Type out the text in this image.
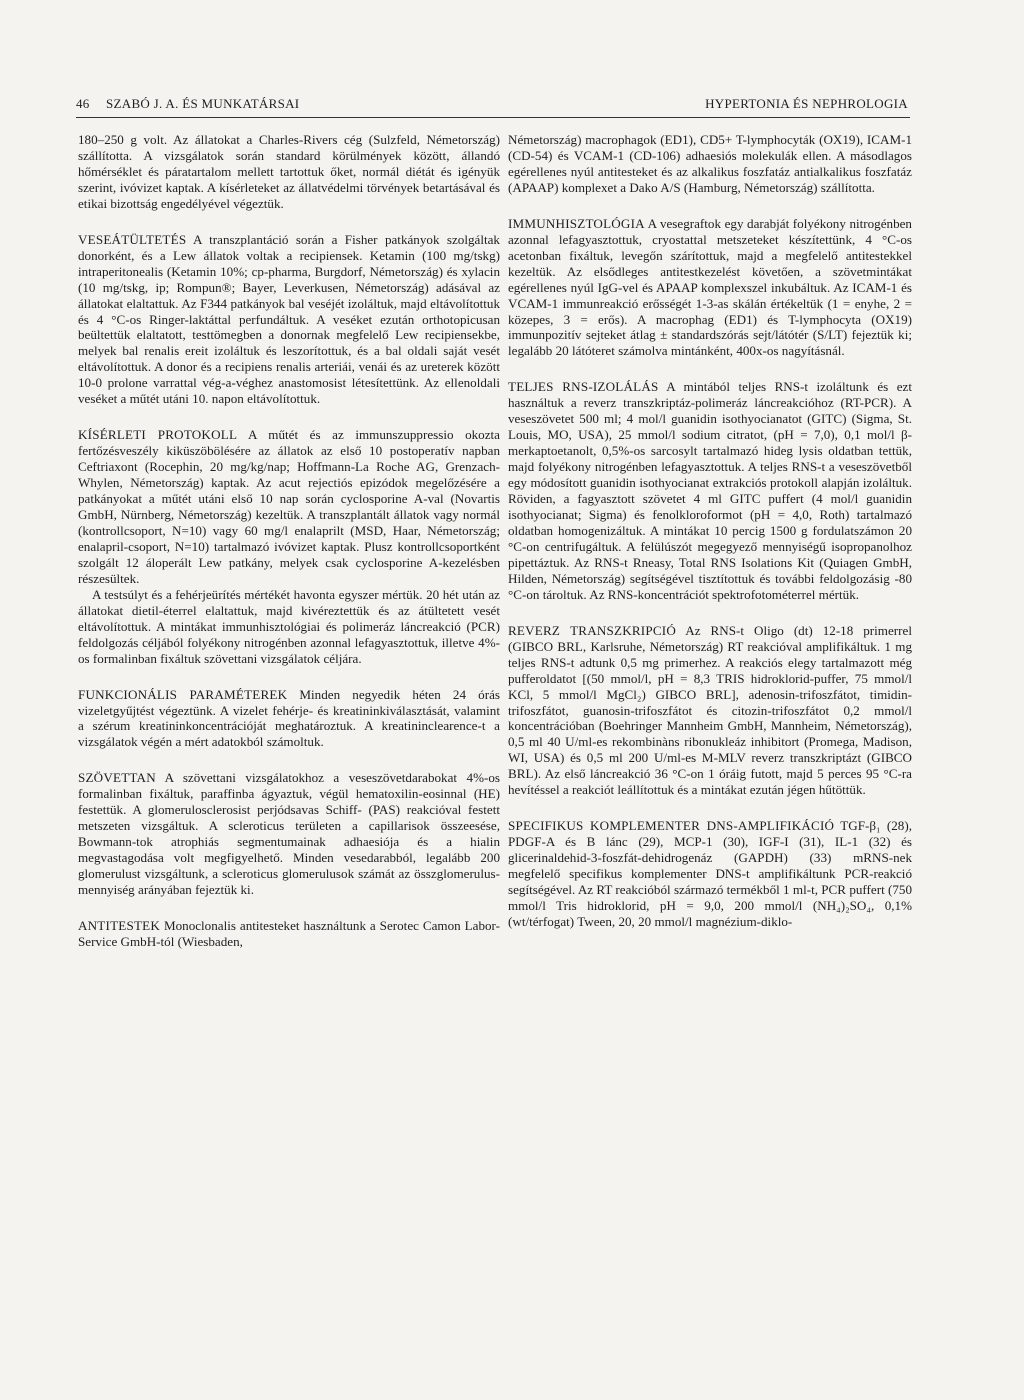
46 SZABÓ J. A. ÉS MUNKATÁRSAI	HYPERTONIA ÉS NEPHROLOGIA

180–250 g volt. Az állatokat a Charles-Rivers cég (Sulzfeld, Németország) szállította. A vizsgálatok során standard körülmények között, állandó hőmérséklet és páratartalom mellett tartottuk őket, normál diétát és igényük szerint, ivóvizet kaptak. A kísérleteket az állatvédelmi törvények betartásával és etikai bizottság engedélyével végeztük.

VESEÁTÜLTETÉS A transzplantáció során a Fisher patkányok szolgáltak donorként, és a Lew állatok voltak a recipiensek. Ketamin (100 mg/tskg) intraperitonealis (Ketamin 10%; cp-pharma, Burgdorf, Németország) és xylacin (10 mg/tskg, ip; Rompun®; Bayer, Leverkusen, Németország) adásával az állatokat elaltattuk. Az F344 patkányok bal veséjét izoláltuk, majd eltávolítottuk és 4 °C-os Ringer-laktáttal perfundáltuk. A veséket ezután orthotopicusan beültettük elaltatott, testtömegben a donornak megfelelő Lew recipiensekbe, melyek bal renalis ereit izoláltuk és leszorítottuk, és a bal oldali saját vesét eltávolítottuk. A donor és a recipiens renalis arteriái, venái és az ureterek között 10-0 prolone varrattal vég-a-véghez anastomosist létesítettünk. Az ellenoldali veséket a műtét utáni 10. napon eltávolítottuk.

KÍSÉRLETI PROTOKOLL A műtét és az immunszuppressio okozta fertőzésveszély kiküszöbölésére az állatok az első 10 postoperatív napban Ceftriaxont (Rocephin, 20 mg/kg/nap; Hoffmann-La Roche AG, Grenzach-Whylen, Németország) kaptak. Az acut rejectiós epizódok megelőzésére a patkányokat a műtét utáni első 10 nap során cyclosporine A-val (Novartis GmbH, Nürnberg, Németország) kezeltük. A transzplantált állatok vagy normál (kontrollcsoport, N=10) vagy 60 mg/l enalaprilt (MSD, Haar, Németország; enalapril-csoport, N=10) tartalmazó ivóvizet kaptak. Plusz kontrollcsoportként szolgált 12 áloperált Lew patkány, melyek csak cyclosporine A-kezelésben részesültek.

A testsúlyt és a fehérjeürítés mértékét havonta egyszer mértük. 20 hét után az állatokat dietil-éterrel elaltattuk, majd kivéreztettük és az átültetett vesét eltávolítottuk. A mintákat immunhisztológiai és polimeráz láncreakció (PCR) feldolgozás céljából folyékony nitrogénben azonnal lefagyasztottuk, illetve 4%-os formalinban fixáltuk szövettani vizsgálatok céljára.

FUNKCIONÁLIS PARAMÉTEREK Minden negyedik héten 24 órás vizeletgyűjtést végeztünk. A vizelet fehérje- és kreatininkiválasztását, valamint a szérum kreatininkoncentrációját meghatároztuk. A kreatininclearence-t a vizsgálatok végén a mért adatokból számoltuk.

SZÖVETTAN A szövettani vizsgálatokhoz a veseszövetdarabokat 4%-os formalinban fixáltuk, paraffinba ágyaztuk, végül hematoxilin-eosinnal (HE) festettük. A glomerulosclerosist perjódsavas Schiff- (PAS) reakcióval festett metszeten vizsgáltuk. A scleroticus területen a capillarisok összeesése, Bowmann-tok atrophiás segmentumainak adhaesiója és a hialin megvastagodása volt megfigyelhető. Minden vesedarabból, legalább 200 glomerulust vizsgáltunk, a scleroticus glomerulusok számát az összglomerulus-mennyiség arányában fejeztük ki.

ANTITESTEK Monoclonalis antitesteket használtunk a Serotec Camon Labor-Service GmbH-tól (Wiesbaden,

Németország) macrophagok (ED1), CD5+ T-lymphocyták (OX19), ICAM-1 (CD-54) és VCAM-1 (CD-106) adhaesiós molekulák ellen. A másodlagos egérellenes nyúl antitesteket és az alkalikus foszfatáz antialkalikus foszfatáz (APAAP) komplexet a Dako A/S (Hamburg, Németország) szállította.

IMMUNHISZTOLÓGIA A vesegraftok egy darabját folyékony nitrogénben azonnal lefagyasztottuk, cryostattal metszeteket készítettünk, 4 °C-os acetonban fixáltuk, levegőn szárítottuk, majd a megfelelő antitestekkel kezeltük. Az elsődleges antitestkezelést követően, a szövetmintákat egérellenes nyúl IgG-vel és APAAP komplexszel inkubáltuk. Az ICAM-1 és VCAM-1 immunreakció erősségét 1-3-as skálán értékeltük (1 = enyhe, 2 = közepes, 3 = erős). A macrophag (ED1) és T-lymphocyta (OX19) immunpozitív sejteket átlag ± standardszórás sejt/látótér (S/LT) fejeztük ki; legalább 20 látóteret számolva mintánként, 400x-os nagyításnál.

TELJES RNS-IZOLÁLÁS A mintából teljes RNS-t izoláltunk és ezt használtuk a reverz transzkriptáz-polimeráz láncreakcióhoz (RT-PCR). A veseszövetet 500 ml; 4 mol/l guanidin isothyocianatot (GITC) (Sigma, St. Louis, MO, USA), 25 mmol/l sodium citratot, (pH = 7,0), 0,1 mol/l β-merkaptoetanolt, 0,5%-os sarcosylt tartalmazó hideg lysis oldatban tettük, majd folyékony nitrogénben lefagyasztottuk. A teljes RNS-t a veseszövetből egy módosított guanidin isothyocianat extrakciós protokoll alapján izoláltuk. Röviden, a fagyasztott szövetet 4 ml GITC puffert (4 mol/l guanidin isothyocianat; Sigma) és fenolkloroformot (pH = 4,0, Roth) tartalmazó oldatban homogenizáltuk. A mintákat 10 percig 1500 g fordulatszámon 20 °C-on centrifugáltuk. A felülúszót megegyező mennyiségű isopropanolhoz pipettáztuk. Az RNS-t Rneasy, Total RNS Isolations Kit (Quiagen GmbH, Hilden, Németország) segítségével tisztítottuk és további feldolgozásig -80 °C-on tároltuk. Az RNS-koncentrációt spektrofotométerrel mértük.

REVERZ TRANSZKRIPCIÓ Az RNS-t Oligo (dt) 12-18 primerrel (GIBCO BRL, Karlsruhe, Németország) RT reakcióval amplifikáltuk. 1 mg teljes RNS-t adtunk 0,5 mg primerhez. A reakciós elegy tartalmazott még pufferoldatot [(50 mmol/l, pH = 8,3 TRIS hidroklorid-puffer, 75 mmol/l KCl, 5 mmol/l MgCl₂) GIBCO BRL], adenosin-trifoszfátot, timidin-trifoszfátot, guanosin-trifoszfátot és citozin-trifoszfátot 0,2 mmol/l koncentrációban (Boehringer Mannheim GmbH, Mannheim, Németország), 0,5 ml 40 U/ml-es rekombinàns ribonukleáz inhibitort (Promega, Madison, WI, USA) és 0,5 ml 200 U/ml-es M-MLV reverz transzkriptázt (GIBCO BRL). Az első láncreakció 36 °C-on 1 óráig futott, majd 5 perces 95 °C-ra hevítéssel a reakciót leállítottuk és a mintákat ezután jégen hűtöttük.

SPECIFIKUS KOMPLEMENTER DNS-AMPLIFIKÁCIÓ TGF-β₁ (28), PDGF-A és B lánc (29), MCP-1 (30), IGF-I (31), IL-1 (32) és glicerinaldehid-3-foszfát-dehidrogenáz (GAPDH) (33) mRNS-nek megfelelő specifikus komplementer DNS-t amplifikáltunk PCR-reakció segítségével. Az RT reakcióból származó termékből 1 ml-t, PCR puffert (750 mmol/l Tris hidroklorid, pH = 9,0, 200 mmol/l (NH₄)₂SO₄, 0,1% (wt/térfogat) Tween, 20, 20 mmol/l magnézium-diklo-
